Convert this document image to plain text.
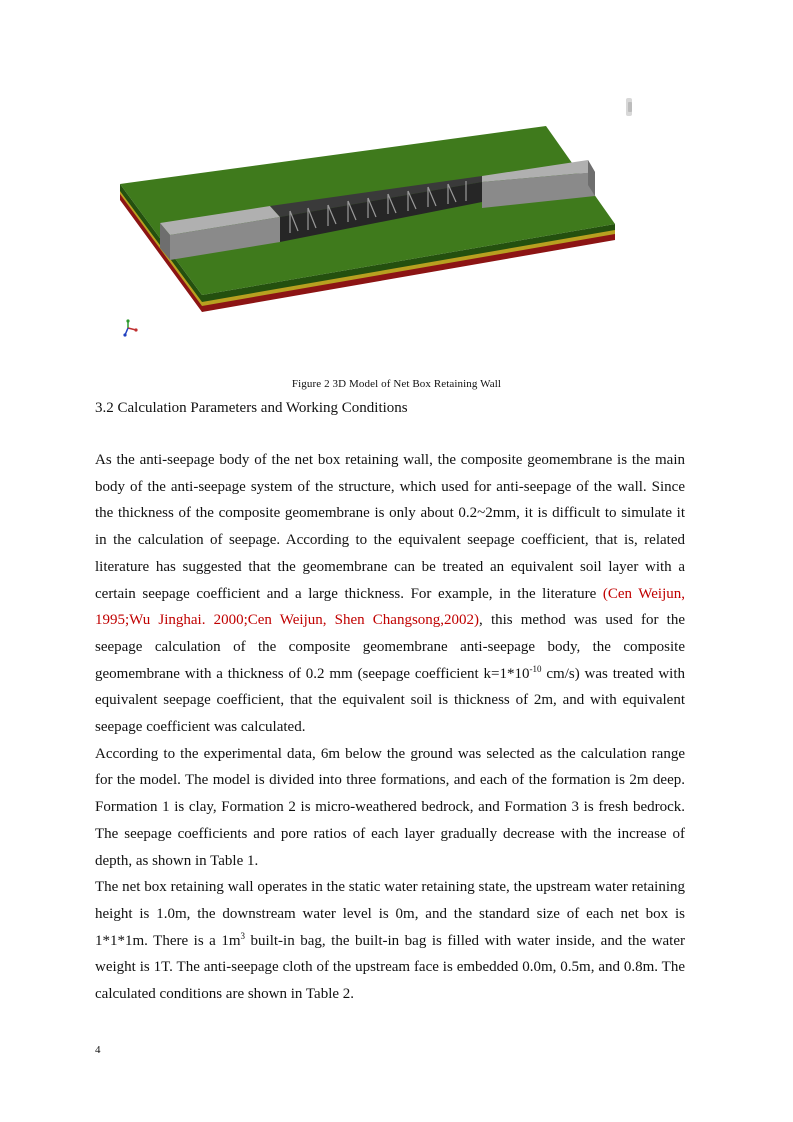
Figure 2 3D Model of Net Box Retaining Wall
3.2 Calculation Parameters and Working Conditions

As the anti-seepage body of the net box retaining wall, the composite geomembrane is the main body of the anti-seepage system of the structure, which used for anti-seepage of the wall. Since the thickness of the composite geomembrane is only about 0.2~2mm, it is difficult to simulate it in the calculation of seepage. According to the equivalent seepage coefficient, that is, related literature has suggested that the geomembrane can be treated an equivalent soil layer with a certain seepage coefficient and a large thickness. For example, in the literature (Cen Weijun, 1995;Wu Jinghai. 2000;Cen Weijun, Shen Changsong,2002), this method was used for the seepage calculation of the composite geomembrane anti-seepage body, the composite geomembrane with a thickness of 0.2 mm (seepage coefficient $k=1*10^{-10}$ cm/s) was treated with equivalent seepage coefficient, that the equivalent soil is thickness of 2m, and with equivalent seepage coefficient was calculated.

According to the experimental data, 6m below the ground was selected as the calculation range for the model. The model is divided into three formations, and each of the formation is 2m deep. Formation 1 is clay, Formation 2 is micro-weathered bedrock, and Formation 3 is fresh bedrock. The seepage coefficients and pore ratios of each layer gradually decrease with the increase of depth, as shown in Table 1.

The net box retaining wall operates in the static water retaining state, the upstream water retaining height is 1.0m, the downstream water level is 0m, and the standard size of each net box is 1*1*1m. There is a $1m^3$ built-in bag, the built-in bag is filled with water inside, and the water weight is 1T. The anti-seepage cloth of the upstream face is embedded 0.0m, 0.5m, and 0.8m. The calculated conditions are shown in Table 2.

4
